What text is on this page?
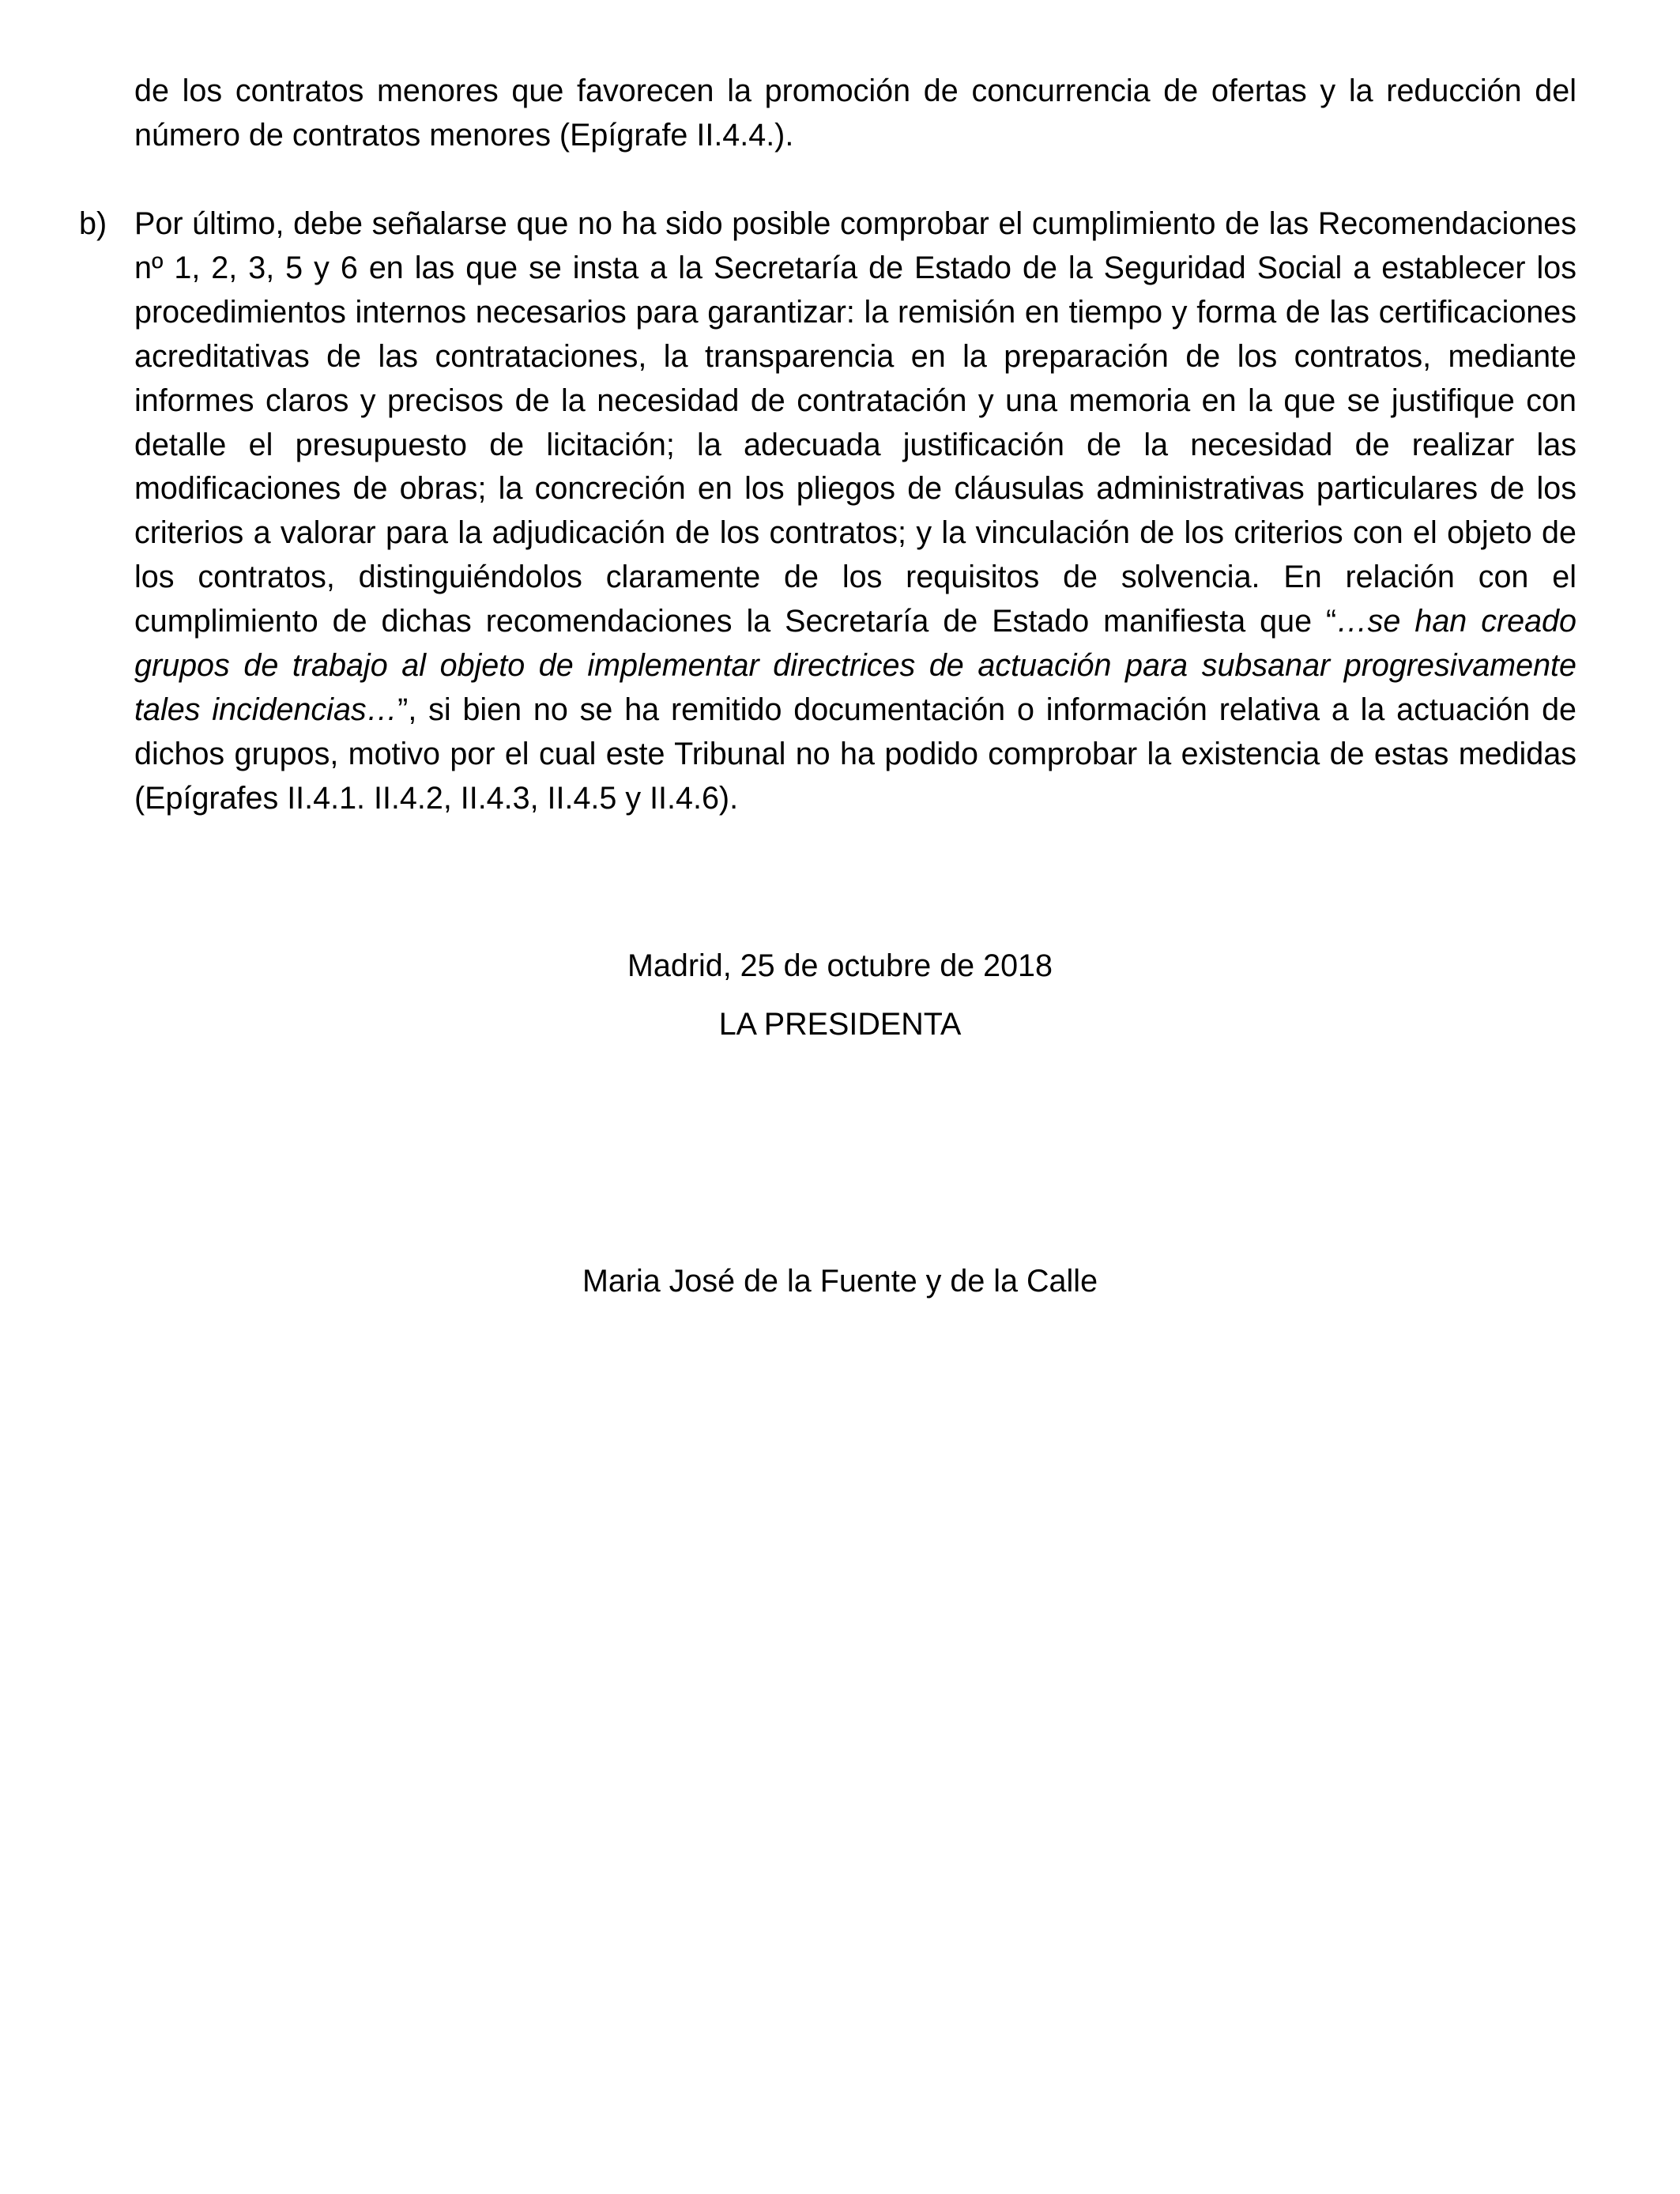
de los contratos menores que favorecen la promoción de concurrencia de ofertas y la reducción del número de contratos menores (Epígrafe II.4.4.).

b) Por último, debe señalarse que no ha sido posible comprobar el cumplimiento de las Recomendaciones nº 1, 2, 3, 5 y 6 en las que se insta a la Secretaría de Estado de la Seguridad Social a establecer los procedimientos internos necesarios para garantizar: la remisión en tiempo y forma de las certificaciones acreditativas de las contrataciones, la transparencia en la preparación de los contratos, mediante informes claros y precisos de la necesidad de contratación y una memoria en la que se justifique con detalle el presupuesto de licitación; la adecuada justificación de la necesidad de realizar las modificaciones de obras; la concreción en los pliegos de cláusulas administrativas particulares de los criterios a valorar para la adjudicación de los contratos; y la vinculación de los criterios con el objeto de los contratos, distinguiéndolos claramente de los requisitos de solvencia. En relación con el cumplimiento de dichas recomendaciones la Secretaría de Estado manifiesta que “…se han creado grupos de trabajo al objeto de implementar directrices de actuación para subsanar progresivamente tales incidencias…”, si bien no se ha remitido documentación o información relativa a la actuación de dichos grupos, motivo por el cual este Tribunal no ha podido comprobar la existencia de estas medidas (Epígrafes II.4.1. II.4.2, II.4.3, II.4.5 y II.4.6).

Madrid, 25 de octubre de 2018
LA PRESIDENTA
Maria José de la Fuente y de la Calle
